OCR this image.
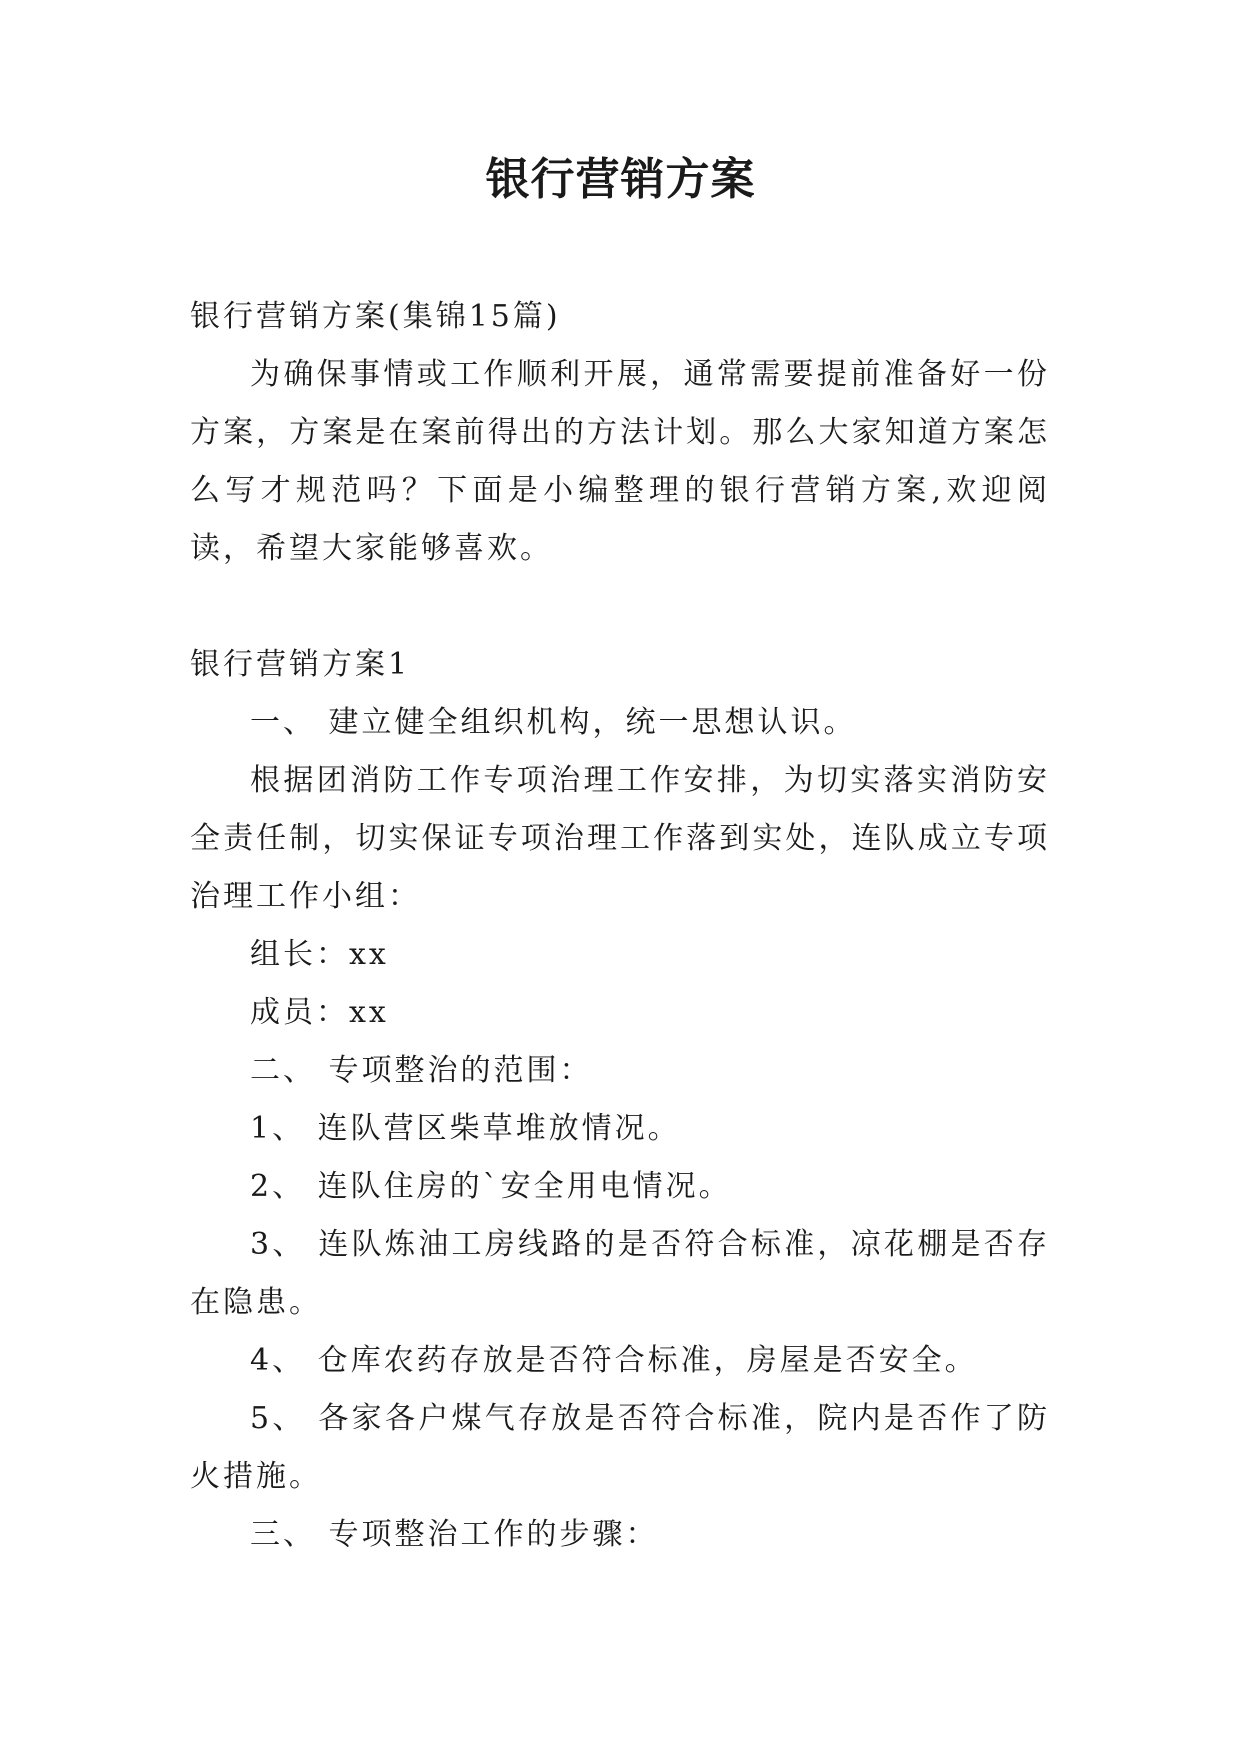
银行营销方案

银行营销方案(集锦15篇)

为确保事情或工作顺利开展，通常需要提前准备好一份方案，方案是在案前得出的方法计划。那么大家知道方案怎么写才规范吗？下面是小编整理的银行营销方案,欢迎阅读，希望大家能够喜欢。

银行营销方案1

一、 建立健全组织机构，统一思想认识。

根据团消防工作专项治理工作安排，为切实落实消防安全责任制，切实保证专项治理工作落到实处，连队成立专项治理工作小组：

组长：xx

成员：xx

二、 专项整治的范围：

1、 连队营区柴草堆放情况。

2、 连队住房的`安全用电情况。

3、 连队炼油工房线路的是否符合标准，凉花棚是否存在隐患。

4、 仓库农药存放是否符合标准，房屋是否安全。

5、 各家各户煤气存放是否符合标准，院内是否作了防火措施。

三、 专项整治工作的步骤：
